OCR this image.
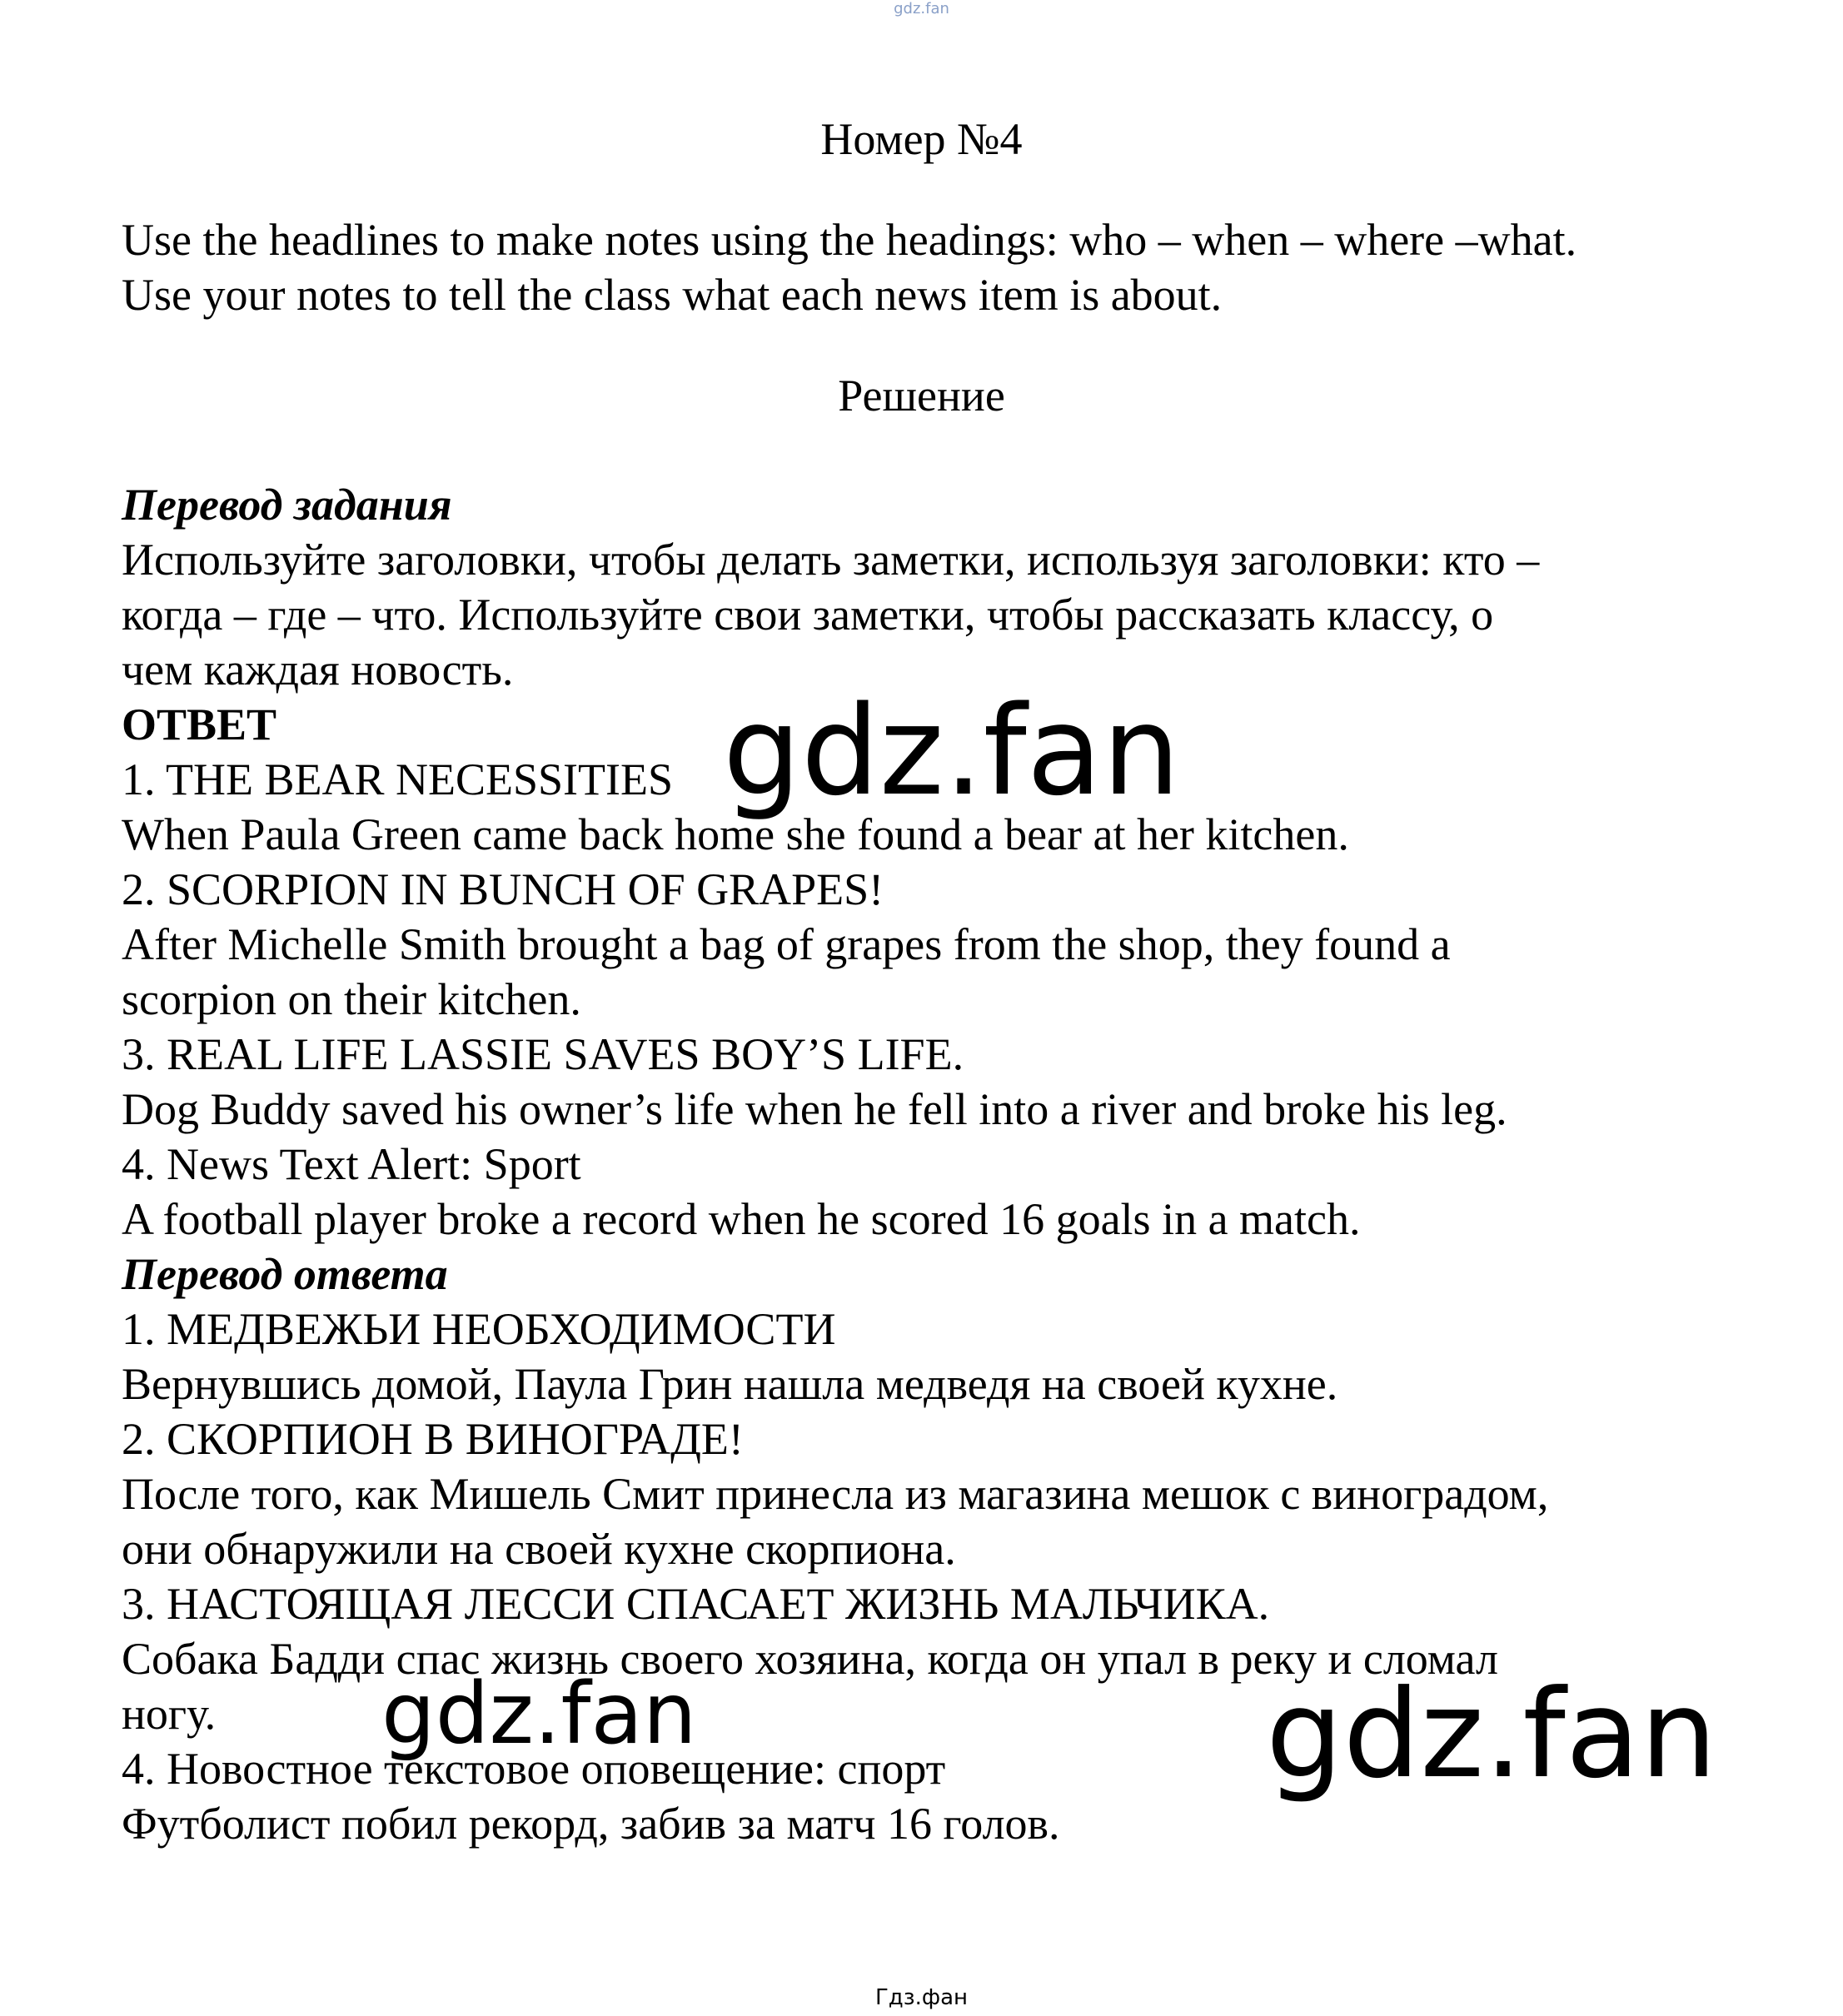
gdz.fan
Номер №4

Use the headlines to make notes using the headings: who – when – where –what.

Use your notes to tell the class what each news item is about.

Решение

Перевод задания

Используйте заголовки, чтобы делать заметки, используя заголовки: кто –

когда – где – что. Используйте свои заметки, чтобы рассказать классу, о

чем каждая новость.

ОТВЕТ

1. THE BEAR NECESSITIES

When Paula Green came back home she found a bear at her kitchen.

2. SCORPION IN BUNCH OF GRAPES!

After Michelle Smith brought a bag of grapes from the shop, they found a

scorpion on their kitchen.

3. REAL LIFE LASSIE SAVES BOY’S LIFE.

Dog Buddy saved his owner’s life when he fell into a river and broke his leg.

4. News Text Alert: Sport

A football player broke a record when he scored 16 goals in a match.

Перевод ответа

1. МЕДВЕЖЬИ НЕОБХОДИМОСТИ

Вернувшись домой, Паула Грин нашла медведя на своей кухне.

2. СКОРПИОН В ВИНОГРАДЕ!

После того, как Мишель Смит принесла из магазина мешок с виноградом,

они обнаружили на своей кухне скорпиона.

3. НАСТОЯЩАЯ ЛЕССИ СПАСАЕТ ЖИЗНЬ МАЛЬЧИКА.

Собака Бадди спас жизнь своего хозяина, когда он упал в реку и сломал

ногу.

4. Новостное текстовое оповещение: спорт

Футболист побил рекорд, забив за матч 16 голов.

gdz.fan
gdz.fan	gdz.fan
Гдз.фан
